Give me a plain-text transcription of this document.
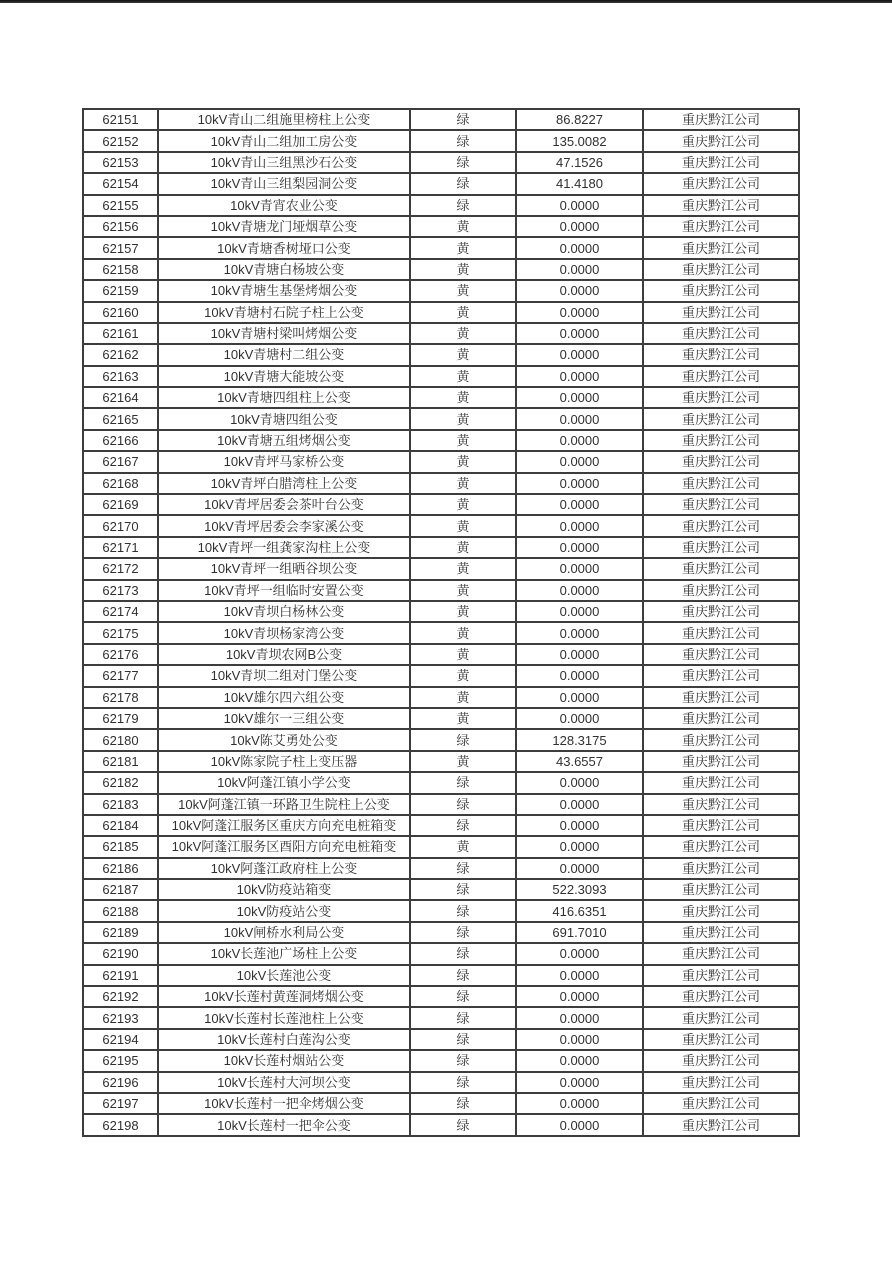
62151	10kV青山二组施里榜柱上公变	绿	86.8227	重庆黔江公司
62152	10kV青山二组加工房公变	绿	135.0082	重庆黔江公司
62153	10kV青山三组黑沙石公变	绿	47.1526	重庆黔江公司
62154	10kV青山三组梨园洞公变	绿	41.4180	重庆黔江公司
62155	10kV青宵农业公变	绿	0.0000	重庆黔江公司
62156	10kV青塘龙门垭烟草公变	黄	0.0000	重庆黔江公司
62157	10kV青塘香树垭口公变	黄	0.0000	重庆黔江公司
62158	10kV青塘白杨坡公变	黄	0.0000	重庆黔江公司
62159	10kV青塘生基堡烤烟公变	黄	0.0000	重庆黔江公司
62160	10kV青塘村石院子柱上公变	黄	0.0000	重庆黔江公司
62161	10kV青塘村梁叫烤烟公变	黄	0.0000	重庆黔江公司
62162	10kV青塘村二组公变	黄	0.0000	重庆黔江公司
62163	10kV青塘大能坡公变	黄	0.0000	重庆黔江公司
62164	10kV青塘四组柱上公变	黄	0.0000	重庆黔江公司
62165	10kV青塘四组公变	黄	0.0000	重庆黔江公司
62166	10kV青塘五组烤烟公变	黄	0.0000	重庆黔江公司
62167	10kV青坪马家桥公变	黄	0.0000	重庆黔江公司
62168	10kV青坪白腊湾柱上公变	黄	0.0000	重庆黔江公司
62169	10kV青坪居委会茶叶台公变	黄	0.0000	重庆黔江公司
62170	10kV青坪居委会李家溪公变	黄	0.0000	重庆黔江公司
62171	10kV青坪一组龚家沟柱上公变	黄	0.0000	重庆黔江公司
62172	10kV青坪一组晒谷坝公变	黄	0.0000	重庆黔江公司
62173	10kV青坪一组临时安置公变	黄	0.0000	重庆黔江公司
62174	10kV青坝白杨林公变	黄	0.0000	重庆黔江公司
62175	10kV青坝杨家湾公变	黄	0.0000	重庆黔江公司
62176	10kV青坝农网B公变	黄	0.0000	重庆黔江公司
62177	10kV青坝二组对门堡公变	黄	0.0000	重庆黔江公司
62178	10kV雄尔四六组公变	黄	0.0000	重庆黔江公司
62179	10kV雄尔一三组公变	黄	0.0000	重庆黔江公司
62180	10kV陈艾勇处公变	绿	128.3175	重庆黔江公司
62181	10kV陈家院子柱上变压器	黄	43.6557	重庆黔江公司
62182	10kV阿蓬江镇小学公变	绿	0.0000	重庆黔江公司
62183	10kV阿蓬江镇一环路卫生院柱上公变	绿	0.0000	重庆黔江公司
62184	10kV阿蓬江服务区重庆方向充电桩箱变	绿	0.0000	重庆黔江公司
62185	10kV阿蓬江服务区酉阳方向充电桩箱变	黄	0.0000	重庆黔江公司
62186	10kV阿蓬江政府柱上公变	绿	0.0000	重庆黔江公司
62187	10kV防疫站箱变	绿	522.3093	重庆黔江公司
62188	10kV防疫站公变	绿	416.6351	重庆黔江公司
62189	10kV闸桥水利局公变	绿	691.7010	重庆黔江公司
62190	10kV长莲池广场柱上公变	绿	0.0000	重庆黔江公司
62191	10kV长莲池公变	绿	0.0000	重庆黔江公司
62192	10kV长莲村黄莲洞烤烟公变	绿	0.0000	重庆黔江公司
62193	10kV长莲村长莲池柱上公变	绿	0.0000	重庆黔江公司
62194	10kV长莲村白莲沟公变	绿	0.0000	重庆黔江公司
62195	10kV长莲村烟站公变	绿	0.0000	重庆黔江公司
62196	10kV长莲村大河坝公变	绿	0.0000	重庆黔江公司
62197	10kV长莲村一把伞烤烟公变	绿	0.0000	重庆黔江公司
62198	10kV长莲村一把伞公变	绿	0.0000	重庆黔江公司
